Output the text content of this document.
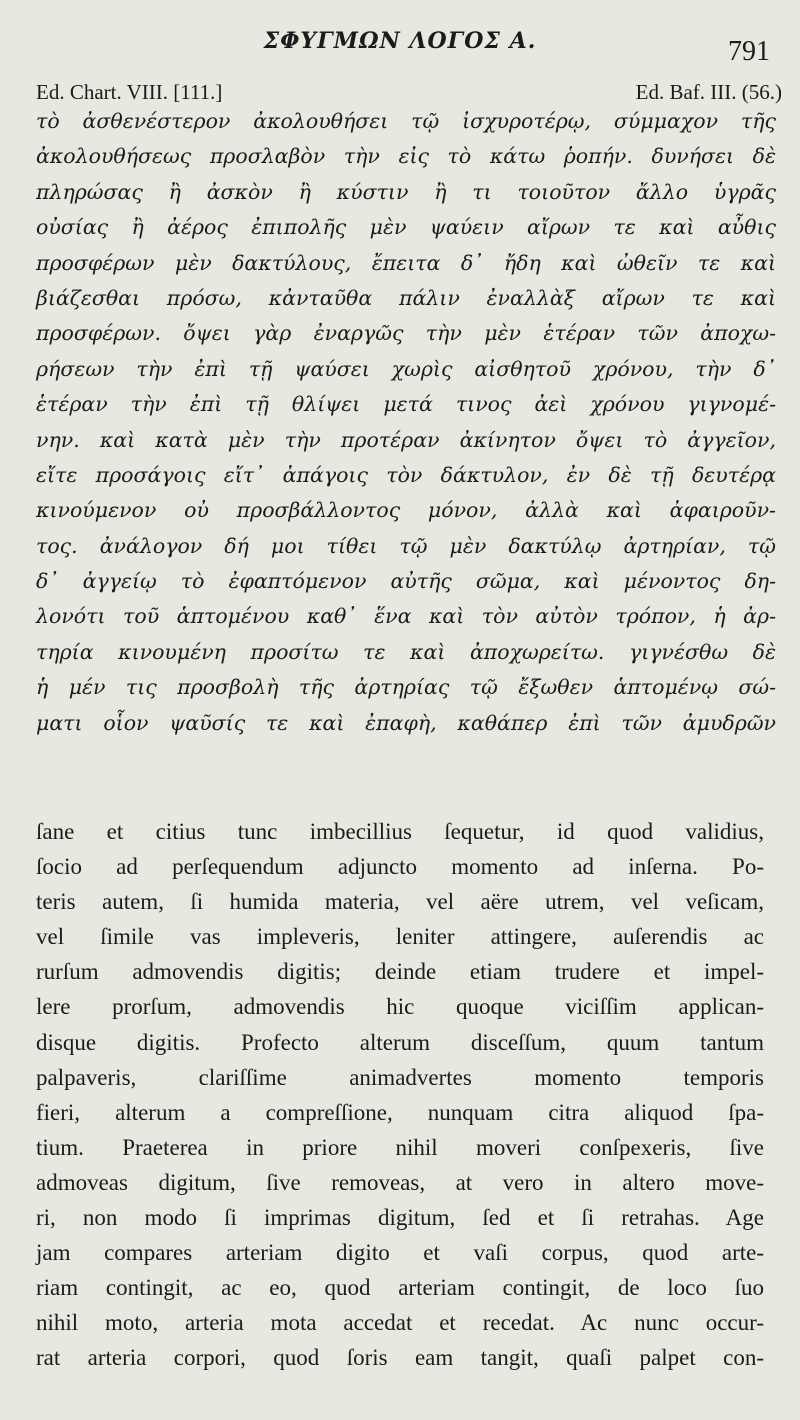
ΣΦΥΓΜΩΝ ΛΟΓΟΣ Α.	791
Ed. Chart. VIII. [111.]	Ed. Baf. III. (56.)
τὸ ἀσθενέστερον ἀκολουθήσει τῷ ἰσχυροτέρῳ, σύμμαχον τῆς
ἀκολουθήσεως προσλαβὸν τὴν εἰς τὸ κάτω ῥοπήν. δυνήσει δὲ
πληρώσας ἢ ἀσκὸν ἢ κύστιν ἢ τι τοιοῦτον ἄλλο ὑγρᾶς
οὐσίας ἢ ἀέρος ἐπιπολῆς μὲν ψαύειν αἴρων τε καὶ αὖθις
προσφέρων μὲν δακτύλους, ἔπειτα δ᾽ ἤδη καὶ ὠθεῖν τε καὶ
βιάζεσθαι πρόσω, κἀνταῦθα πάλιν ἐναλλὰξ αἴρων τε καὶ
προσφέρων. ὄψει γὰρ ἐναργῶς τὴν μὲν ἑτέραν τῶν ἀποχω-
ρήσεων τὴν ἐπὶ τῇ ψαύσει χωρὶς αἰσθητοῦ χρόνου, τὴν δ᾽
ἑτέραν τὴν ἐπὶ τῇ θλίψει μετά τινος ἀεὶ χρόνου γιγνομέ-
νην. καὶ κατὰ μὲν τὴν προτέραν ἀκίνητον ὄψει τὸ ἀγγεῖον,
εἴτε προσάγοις εἴτ᾽ ἀπάγοις τὸν δάκτυλον, ἐν δὲ τῇ δευτέρᾳ
κινούμενον οὐ προσβάλλοντος μόνον, ἀλλὰ καὶ ἀφαιροῦν-
τος. ἀνάλογον δή μοι τίθει τῷ μὲν δακτύλῳ ἀρτηρίαν, τῷ
δ᾽ ἀγγείῳ τὸ ἐφαπτόμενον αὐτῆς σῶμα, καὶ μένοντος δη-
λονότι τοῦ ἁπτομένου καθ᾽ ἕνα καὶ τὸν αὐτὸν τρόπον, ἡ ἀρ-
τηρία κινουμένη προσίτω τε καὶ ἀποχωρείτω. γιγνέσθω δὲ
ἡ μέν τις προσβολὴ τῆς ἀρτηρίας τῷ ἔξωθεν ἁπτομένῳ σώ-
ματι οἷον ψαῦσίς τε καὶ ἐπαφὴ, καθάπερ ἐπὶ τῶν ἀμυδρῶν
ſane et citius tunc imbecillius ſequetur, id quod validius,
ſocio ad perſequendum adjuncto momento ad inſerna. Po-
teris autem, ſi humida materia, vel aëre utrem, vel veſicam,
vel ſimile vas impleveris, leniter attingere, auſerendis ac
rurſum admovendis digitis; deinde etiam trudere et impel-
lere prorſum, admovendis hic quoque viciſſim applican-
disque digitis. Profecto alterum disceſſum, quum tantum
palpaveris, clariſſime animadvertes momento temporis
fieri, alterum a compreſſione, nunquam citra aliquod ſpa-
tium. Praeterea in priore nihil moveri conſpexeris, ſive
admoveas digitum, ſive removeas, at vero in altero move-
ri, non modo ſi imprimas digitum, ſed et ſi retrahas. Age
jam compares arteriam digito et vaſi corpus, quod arte-
riam contingit, ac eo, quod arteriam contingit, de loco ſuo
nihil moto, arteria mota accedat et recedat. Ac nunc occur-
rat arteria corpori, quod ſoris eam tangit, quaſi palpet con-
